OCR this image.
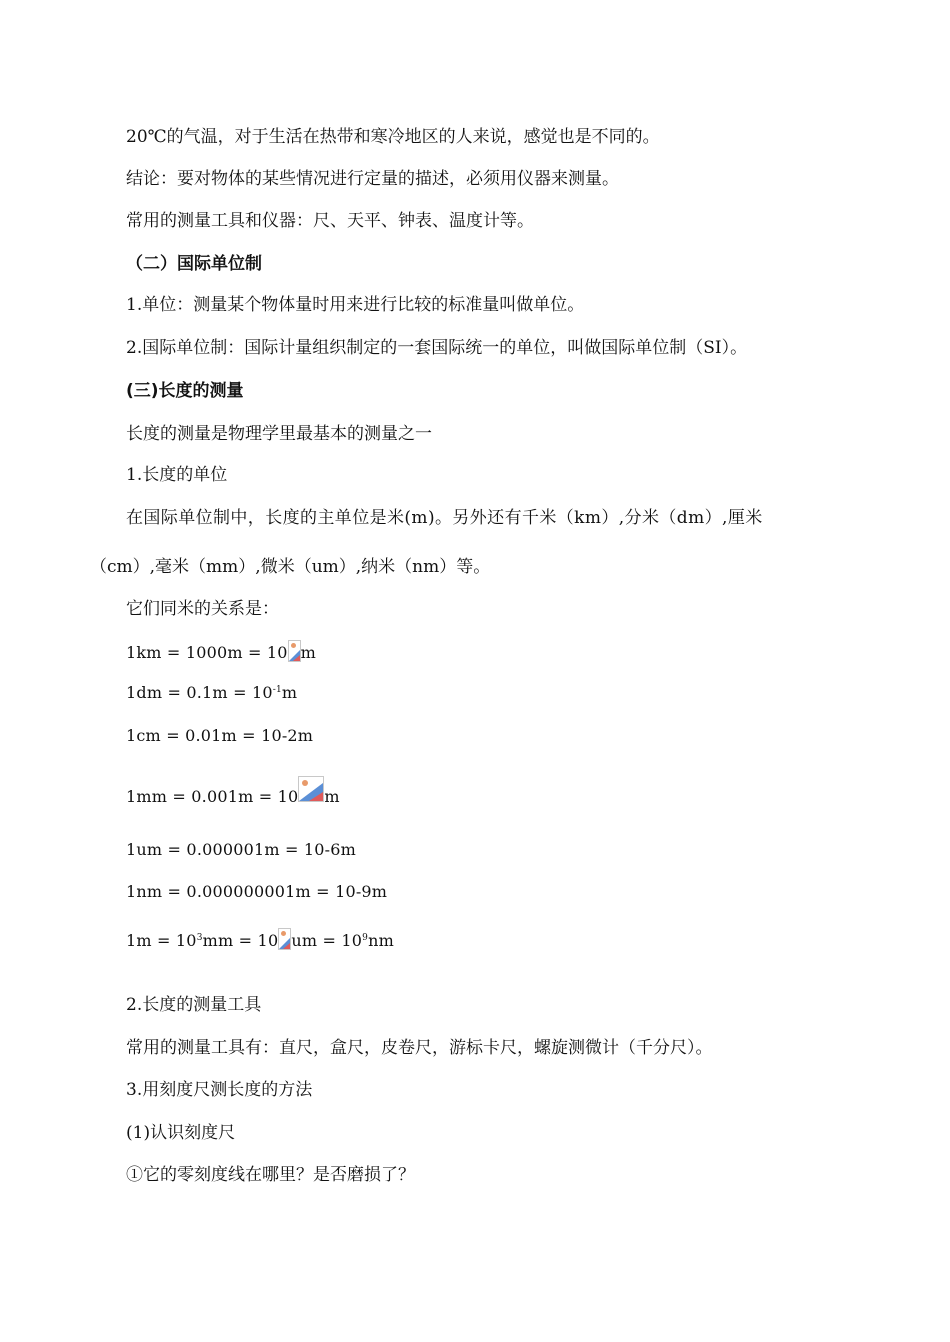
20℃的气温，对于生活在热带和寒冷地区的人来说，感觉也是不同的。
结论：要对物体的某些情况进行定量的描述，必须用仪器来测量。
常用的测量工具和仪器：尺、天平、钟表、温度计等。
（二）国际单位制
1.单位：测量某个物体量时用来进行比较的标准量叫做单位。
2.国际单位制：国际计量组织制定的一套国际统一的单位，叫做国际单位制（SI）。
(三)长度的测量
长度的测量是物理学里最基本的测量之一
1.长度的单位
在国际单位制中，长度的主单位是米(m)。另外还有千米（km）,分米（dm）,厘米
（cm）,毫米（mm）,微米（um）,纳米（nm）等。
它们同米的关系是：
1km = 1000m = 10 m
$1dm = 0.1m = 10^{-1}m$
1cm = 0.01m = 10-2m
1mm = 0.001m = 10 m
1um = 0.000001m = 10-6m
1nm = 0.000000001m = 10-9m
$1m = 10^3mm = 10$ um = $10^9nm$
2.长度的测量工具
常用的测量工具有：直尺，盒尺，皮卷尺，游标卡尺，螺旋测微计（千分尺）。
3.用刻度尺测长度的方法
(1)认识刻度尺
①它的零刻度线在哪里？是否磨损了？
